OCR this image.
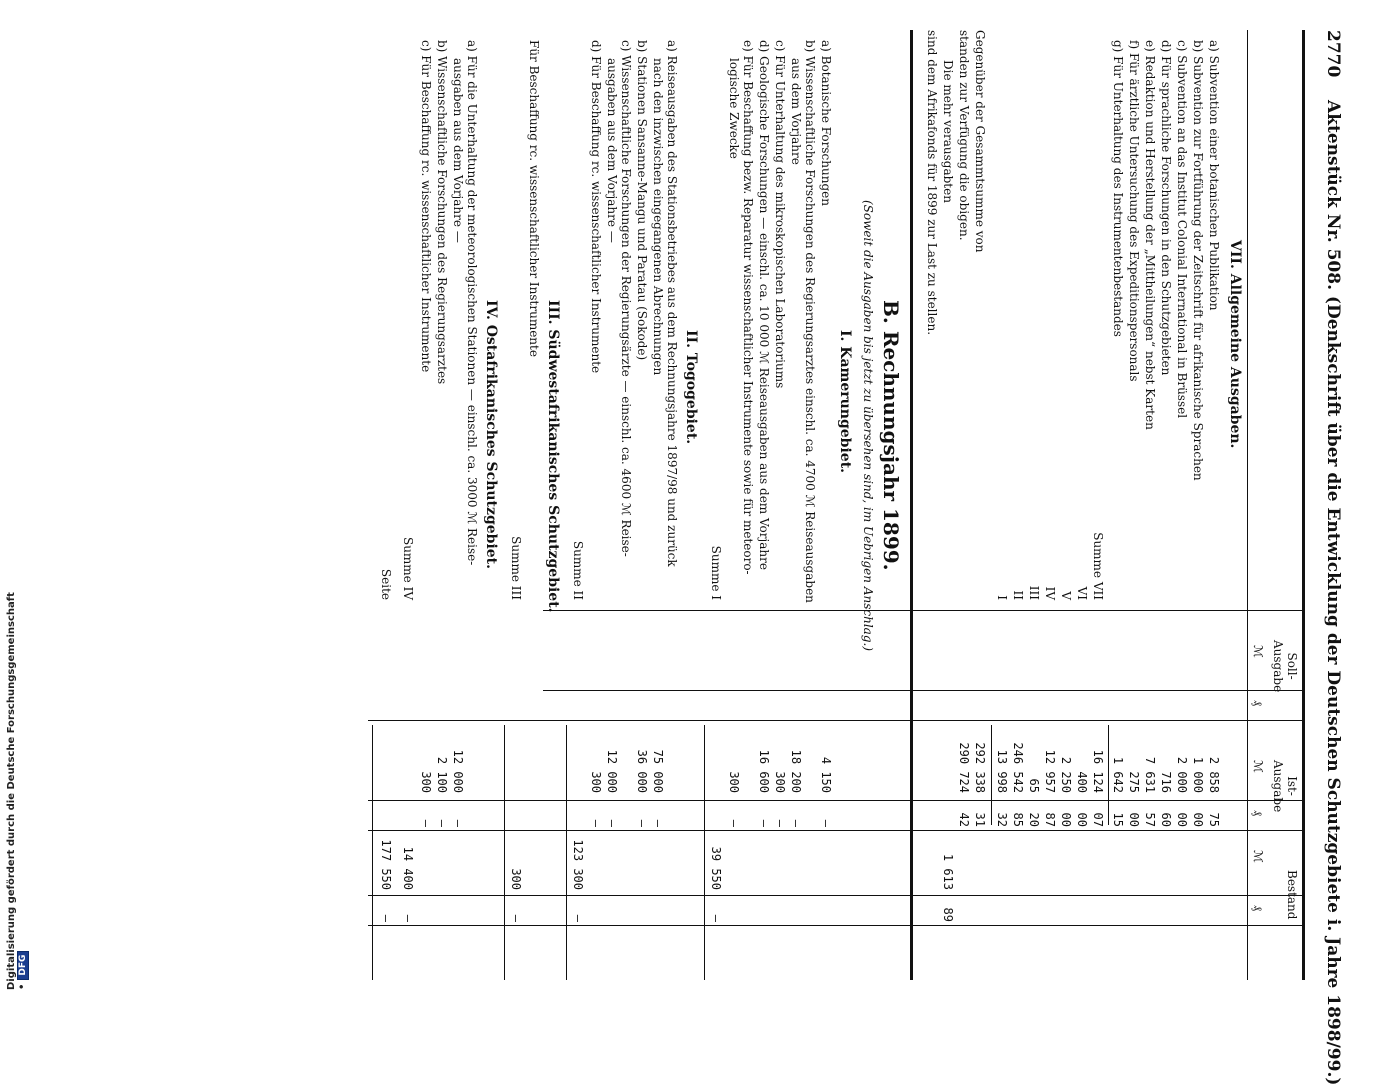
2770
Aktenstück Nr. 508. (Denkschrift über die Entwicklung der Deutschen Schutzgebiete i. Jahre 1898/99.)
Soll-
Ausgabe
Ist-
Ausgabe
Bestand
ℳ
₰
ℳ
₰
ℳ
₰
VII. Allgemeine Ausgaben.
a) Subvention einer botanischen Publikation
b) Subvention zur Fortführung der Zeitschrift für afrikanische Sprachen
c) Subvention an das Institut Colonial International in Brüssel
d) Für sprachliche Forschungen in den Schutzgebieten
e) Redaktion und Herstellung der „Mittheilungen“ nebst Karten
f) Für ärztliche Untersuchung des Expeditionspersonals
g) Für Unterhaltung des Instrumentenbestandes
2 858
75
1 000
00
2 000
00
716
60
7 631
57
275
00
1 642
15
Summe VII
16 124
07
VI
400
00
V
2 250
00
IV
12 957
87
III
65
20
II
246 542
85
I
13 998
32
Gegenüber der Gesammtsumme von
292 338
31
standen zur Verfügung die obigen.
290 724
42
Die mehr verausgabten
1 613
89
sind dem Afrikafonds für 1899 zur Last zu stellen.
B. Rechnungsjahr 1899.
(Soweit die Ausgaben bis jetzt zu übersehen sind, im Uebrigen Anschlag.)
I. Kamerungebiet.
a) Botanische Forschungen
4 150
—
b) Wissenschaftliche Forschungen des Regierungsarztes einschl. ca. 4700 ℳ Reiseausgaben
aus dem Vorjahre
18 200
—
c) Für Unterhaltung des mikroskopischen Laboratoriums
300
—
d) Geologische Forschungen — einschl. ca. 10 000 ℳ Reiseausgaben aus dem Vorjahre
16 600
—
e) Für Beschaffung bezw. Reparatur wissenschaftlicher Instrumente sowie für meteoro-
logische Zwecke
300
—
Summe I
39 550
—
II. Togogebiet.
a) Reiseausgaben des Stationsbetriebes aus dem Rechnungsjahre 1897/98 und zurück
nach den inzwischen eingegangenen Abrechnungen
75 000
—
b) Stationen Sansanne-Mangu und Paratau (Sokode)
36 000
—
c) Wissenschaftliche Forschungen der Regierungsärzte — einschl. ca. 4600 ℳ Reise-
ausgaben aus dem Vorjahre —
12 000
—
d) Für Beschaffung rc. wissenschaftlicher Instrumente
300
—
Summe II
123 300
—
III. Südwestafrikanisches Schutzgebiet.
Für Beschaffung rc. wissenschaftlicher Instrumente
Summe III
300
—
IV. Ostafrikanisches Schutzgebiet.
a) Für die Unterhaltung der meteorologischen Stationen — einschl. ca. 3000 ℳ Reise-
ausgaben aus dem Vorjahre —
12 000
—
b) Wissenschaftliche Forschungen des Regierungsarztes
2 100
—
c) Für Beschaffung rc. wissenschaftlicher Instrumente
300
—
Summe IV
14 400
—
Seite
177 550
—
Digitalisierung gefördert durch die Deutsche Forschungsgemeinschaft •DFG
